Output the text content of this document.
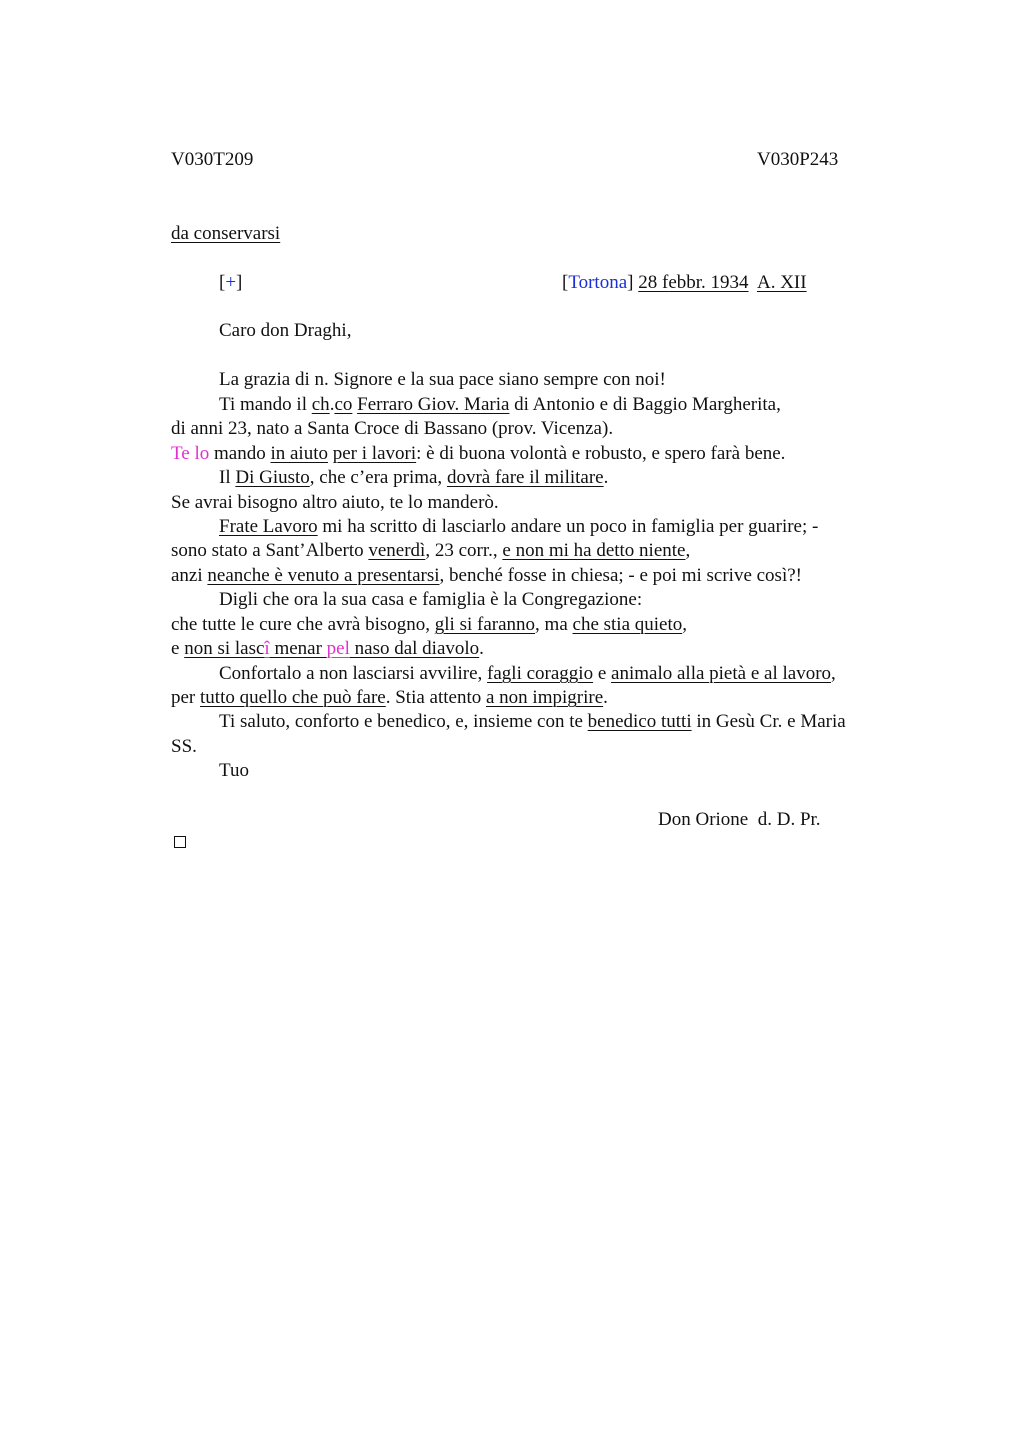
V030T209	V030P243
da conservarsi
[+]	[Tortona] 28 febbr. 1934 A. XII
Caro don Draghi,
La grazia di n. Signore e la sua pace siano sempre con noi!
Ti mando il ch.co Ferraro Giov. Maria di Antonio e di Baggio Margherita,
di anni 23, nato a Santa Croce di Bassano (prov. Vicenza).
Te lo mando in aiuto per i lavori: è di buona volontà e robusto, e spero farà bene.
Il Di Giusto, che c’era prima, dovrà fare il militare.
Se avrai bisogno altro aiuto, te lo manderò.
Frate Lavoro mi ha scritto di lasciarlo andare un poco in famiglia per guarire; -
sono stato a Sant’Alberto venerdì, 23 corr., e non mi ha detto niente,
anzi neanche è venuto a presentarsi, benché fosse in chiesa; - e poi mi scrive così?!
Digli che ora la sua casa e famiglia è la Congregazione:
che tutte le cure che avrà bisogno, gli si faranno, ma che stia quieto,
e non si lascî menar pel naso dal diavolo.
Confortalo a non lasciarsi avvilire, fagli coraggio e animalo alla pietà e al lavoro,
per tutto quello che può fare. Stia attento a non impigrire.
Ti saluto, conforto e benedico, e, insieme con te benedico tutti in Gesù Cr. e Maria
SS.
Tuo
Don Orione  d. D. Pr.
